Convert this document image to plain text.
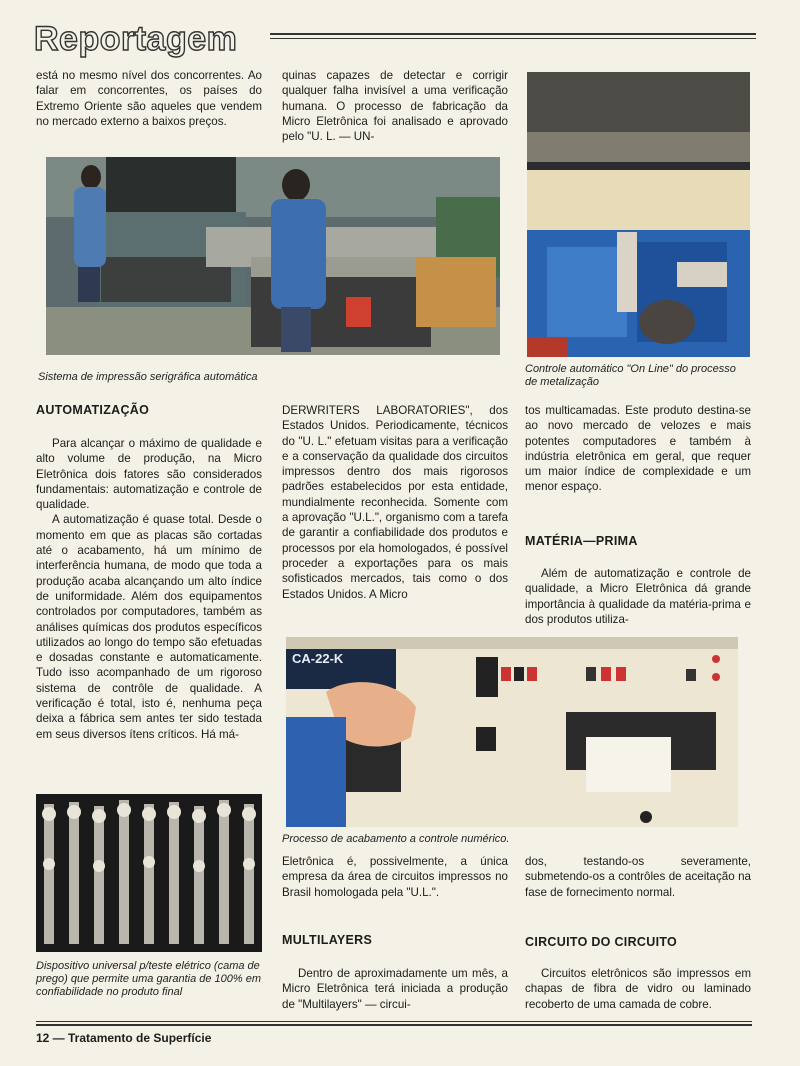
Reportagem
está no mesmo nível dos concorrentes. Ao falar em concorrentes, os países do Extremo Oriente são aqueles que vendem no mercado externo a baixos preços.
quinas capazes de detectar e corrigir qualquer falha invisível a uma verificação humana. O processo de fabricação da Micro Eletrônica foi analisado e aprovado pelo "U. L. — UN-
Sistema de impressão serigráfica automática
Controle automático "On Line" do processo de metalização
AUTOMATIZAÇÃO

Para alcançar o máximo de qualidade e alto volume de produção, na Micro Eletrônica dois fatores são considerados fundamentais: automatização e controle de qualidade.

A automatização é quase total. Desde o momento em que as placas são cortadas até o acabamento, há um mínimo de interferência humana, de modo que toda a produção acaba alcançando um alto índice de uniformidade. Além dos equipamentos controlados por computadores, também as análises químicas dos produtos específicos utilizados ao longo do tempo são efetuadas e dosadas constante e automaticamente. Tudo isso acompanhado de um rigoroso sistema de contrôle de qualidade. A verificação é total, isto é, nenhuma peça deixa a fábrica sem antes ter sido testada em seus diversos ítens críticos. Há má-

DERWRITERS LABORATORIES", dos Estados Unidos. Periodicamente, técnicos do "U. L." efetuam visitas para a verificação e a conservação da qualidade dos circuitos impressos dentro dos mais rigorosos padrões estabelecidos por esta entidade, mundialmente reconhecida. Somente com a aprovação "U.L.", organismo com a tarefa de garantir a confiabilidade dos produtos e processos por ela homologados, é possível proceder a exportações para os mais sofisticados mercados, tais como o dos Estados Unidos. A Micro
tos multicamadas. Este produto destina-se ao novo mercado de velozes e mais potentes computadores e também à indústria eletrônica em geral, que requer um maior índice de complexidade e um menor espaço.
MATÉRIA—PRIMA
Além de automatização e controle de qualidade, a Micro Eletrônica dá grande importância à qualidade da matéria-prima e dos produtos utiliza-
CA-22-K
Processo de acabamento a controle numérico.
Dispositivo universal p/teste elétrico (cama de prego) que permite uma garantia de 100% em confiabilidade no produto final
Eletrônica é, possivelmente, a única empresa da área de circuitos impressos no Brasil homologada pela "U.L.".
dos, testando-os severamente, submetendo-os a contrôles de aceitação na fase de fornecimento normal.
MULTILAYERS	CIRCUITO DO CIRCUITO
Dentro de aproximadamente um mês, a Micro Eletrônica terá iniciada a produção de "Multilayers" — circui-
Circuitos eletrônicos são impressos em chapas de fibra de vidro ou laminado recoberto de uma camada de cobre.
12 — Tratamento de Superfície
